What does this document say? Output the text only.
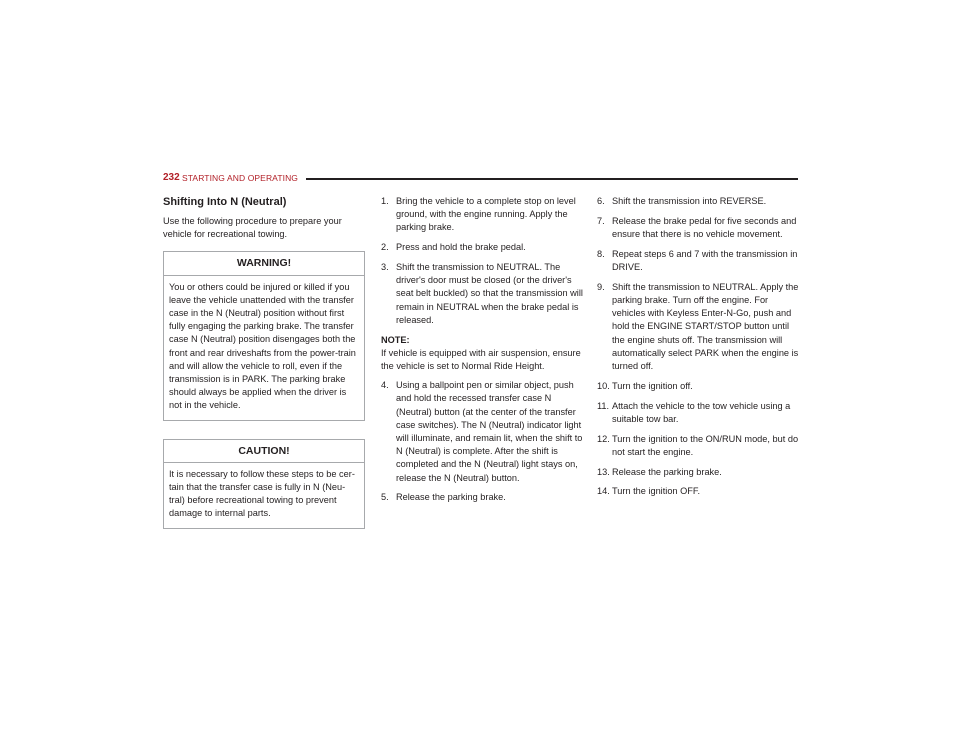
232 STARTING AND OPERATING
Shifting Into N (Neutral)

Use the following procedure to prepare your vehicle for recreational towing.

WARNING!
You or others could be injured or killed if you leave the vehicle unattended with the transfer case in the N (Neutral) position without first fully engaging the parking brake. The transfer case N (Neutral) position disengages both the front and rear driveshafts from the power-train and will allow the vehicle to roll, even if the transmission is in PARK. The parking brake should always be applied when the driver is not in the vehicle.
CAUTION!
It is necessary to follow these steps to be cer-tain that the transfer case is fully in N (Neu-tral) before recreational towing to prevent damage to internal parts.
1. Bring the vehicle to a complete stop on level ground, with the engine running. Apply the parking brake.
2. Press and hold the brake pedal.
3. Shift the transmission to NEUTRAL. The driver's door must be closed (or the driver's seat belt buckled) so that the transmission will remain in NEUTRAL when the brake pedal is released.
NOTE:

If vehicle is equipped with air suspension, ensure the vehicle is set to Normal Ride Height.

4. Using a ballpoint pen or similar object, push and hold the recessed transfer case N (Neutral) button (at the center of the transfer case switches). The N (Neutral) indicator light will illuminate, and remain lit, when the shift to N (Neutral) is complete. After the shift is completed and the N (Neutral) light stays on, release the N (Neutral) button.
5. Release the parking brake.
6. Shift the transmission into REVERSE.
7. Release the brake pedal for five seconds and ensure that there is no vehicle movement.
8. Repeat steps 6 and 7 with the transmission in DRIVE.
9. Shift the transmission to NEUTRAL. Apply the parking brake. Turn off the engine. For vehicles with Keyless Enter-N-Go, push and hold the ENGINE START/STOP button until the engine shuts off. The transmission will automatically select PARK when the engine is turned off.
10. Turn the ignition off.
11. Attach the vehicle to the tow vehicle using a suitable tow bar.
12. Turn the ignition to the ON/RUN mode, but do not start the engine.
13. Release the parking brake.
14. Turn the ignition OFF.
